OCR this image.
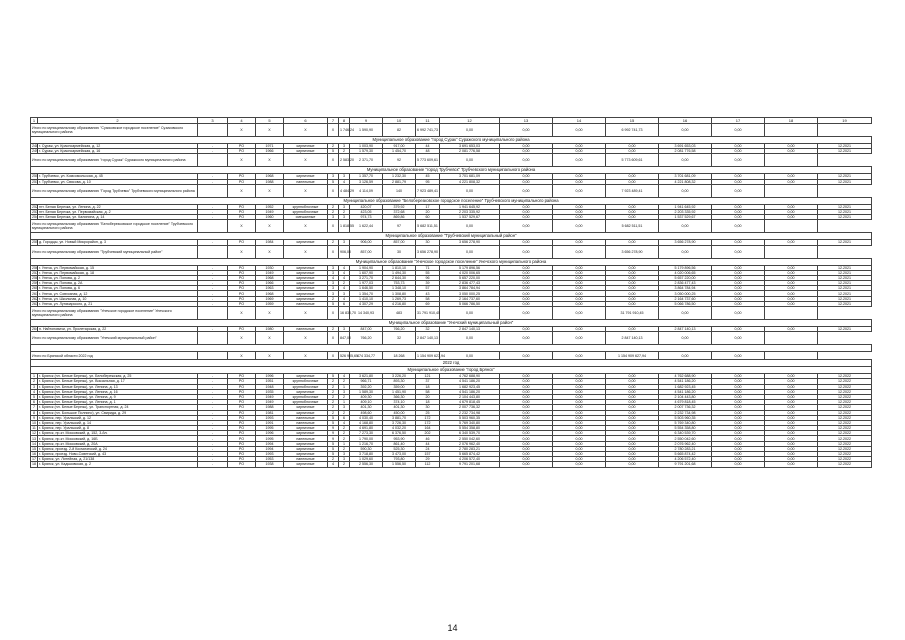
1	2	3	4	5	6	7	8	9	10	11	12	13	14	15	16	17	18	19
Итого по муниципальному образованию "Сузиковское городское поселение" Сузиковского муниципального района			X	X	X	X	1 746,24	1 590,90	82	6 992 741,73	0,00	0,00	0,00	6 992 741,73	0,00	0,00		
Муниципальное образование "город Сурак" Суражского муниципального района																		
248	г. Сураж, ул. Красноармейская, д. 12	-	PO	1971	кирпичные	2	3	1 003,90	917,00	44	3 691 653,03	0,00	0,00	0,00	3 691 653,03	0,00	0,00	12.2021
249	г. Сураж, ул. Красноармейская, д. 16	-	PO	1966	кирпичные	5	2	1 579,30	1 454,70	48	2 081 776,58	0,00	0,00	0,00	2 081 776,58	0,00	0,00	12.2021
Итого по муниципальному образованию "город Сураж" Суражского муниципального района			X	X	X	X	2 583,20	2 371,70	92	5 773 609,61	0,00	0,00	0,00	5 773 609,61	0,00	0,00		
Муниципальное образование "город Трубчевск" Трубчевского муниципального района																		
250	г. Трубчевск, ул. Комсомольская, д. 45	-	PO	1968	кирпичные	3	3	1 357,70	1 232,30	45	3 701 681,09	0,00	0,00	0,00	3 701 681,09	0,00	0,00	12.2021
251	г. Трубчевск, ул. Свясова, д. 10	-	PO	1988	панельные	5	4	3 126,59	2 881,79	95	4 221 808,32	0,00	0,00	0,00	4 221 808,32	0,00	0,00	12.2021
Итого по муниципальному образованию "Город Трубчевск" Трубчевского муниципального района			X	X	X	X	4 484,29	4 114,09	140	7 923 489,41	0,00	0,00	0,00	7 923 489,41	0,00	0,00		
Муниципальное образование "Белоберезковское городское поселение" Трубчевского муниципального района																		
252	пгт. Белая Березка, ул. Ленина, д. 22	-	PO	1952	крупноблочные	2	3	420,07	379,92	17	1 941 645,92	0,00	0,00	0,00	1 941 645,92	0,00	0,00	12.2021
253	пгт. Белая Березка, ул. Первомайская, д. 2	-	PO	1949	крупноблочные	2	2	423,05	372,68	20	2 203 335,92	0,00	0,00	0,00	2 203 335,92	0,00	0,00	12.2021
254	пгт. Белая Березка, ул. Калинина, д. 14	-	PO	1960	смешанные	3	3	974,73	869,86	60	1 537 529,67	0,00	0,00	0,00	1 537 529,67	0,00	0,00	12.2021
Итого по муниципальному образованию "Белоберезковское городское поселение" Трубчевского муниципального района			X	X	X	X	1 818,55	1 622,44	97	5 682 511,51	0,00	0,00	0,00	5 682 511,51	0,00	0,00		
Муниципальное образование "Трубчевский муниципальный район"																		
255	д. Городцы, ул. Новый Микрорайон, д. 3	-	PO	1984	кирпичные	2	3	906,00	857,00	30	3 656 278,90	0,00	0,00	0,00	3 656 278,90	0,00	0,00	12.2021
Итого по муниципальному образованию "Трубчевский муниципальный район"			X	X	X	X	906,00	857,00	30	3 656 278,90	0,00	0,00	0,00	3 656 278,90	0,00	0,00		
Муниципальное образование "Унечское городское поселение" Унечского муниципального района																		
256	г. Унеча, ул. Первомайская, д. 15	-	PO	1930	кирпичные	3	4	1 904,90	1 810,10	71	5 179 896,56	0,00	0,00	0,00	5 179 896,56	0,00	0,00	12.2021
257	г. Унеча, ул. Первомайская, д. 18	-	PO	1949	кирпичные	3	4	1 607,90	1 494,30	55	4 020 006,65	0,00	0,00	0,00	4 020 006,65	0,00	0,00	12.2021
258	г. Унеча, ул. Попова, д. 2	-	PO	1968	кирпичные	4	4	3 271,70	2 644,30	96	5 657 220,00	0,00	0,00	0,00	5 657 220,00	0,00	0,00	12.2021
259	г. Унеча, ул. Попова, д. 2А	-	PO	1966	кирпичные	3	2	1 977,03	753,73	39	2 836 477,43	0,00	0,00	0,00	2 836 477,43	0,00	0,00	12.2021
260	г. Унеча, ул. Попова, д. 6	-	PO	1963	кирпичные	3	4	1 646,50	1 348,10	57	3 864 784,94	0,00	0,00	0,00	3 864 784,94	0,00	0,00	12.2021
261	г. Унеча, ул. Совхозная, д. 12	-	PO	1968	кирпичные	3	3	1 354,70	1 308,80	43	3 050 000,25	0,00	0,00	0,00	3 050 000,25	0,00	0,00	12.2021
262	г. Унеча, ул. Школьная, д. 10	-	PO	1969	кирпичные	2	4	1 410,10	1 269,73	58	2 164 737,60	0,00	0,00	0,00	2 164 737,60	0,00	0,00	12.2021
263	г. Унеча, ул. Луначарского, д. 21	-	PO	1959	панельные	5	6	4 307,29	4 216,80	69	5 066 786,50	0,00	0,00	0,00	5 066 786,50	0,00	0,00	12.2021
Итого по муниципальному образованию "Унечское городское поселение" Унечского муниципального района			X	X	X	X	16 830,70	14 340,93	483	31 791 910,45	0,00	0,00	0,00	31 791 910,45	0,00	0,00		
Муниципальное образование "Унечский муниципальный район"																		
264	п. Найтоповичи, ул. Пролетарская, д. 22	-	PO	1980	панельные	2	3	847,00	766,20	32	2 847 140,13	0,00	0,00	0,00	2 847 140,13	0,00	0,00	12.2021
Итого по муниципальному образованию "Унечский муниципальный район"			X	X	X	X	847,00	766,20	32	2 847 140,13	0,00	0,00	0,00	2 847 140,13	0,00	0,00		

Итого по Брянской области 2022 год			X	X	X	X	526 905,65	474 334,77	18 268	1 154 909 627,94	0,00	0,00	0,00	1 154 909 627,94	0,00	0,00		
2022 год																		
Муниципальное образование "город Брянск"																		
1	г. Брянск (пл. Белые Березы), ул. Белобережская, д. 25	-	PO	1996	кирпичные	5	4	3 621,80	3 226,20	121	4 762 688,90	0,00	0,00	0,00	4 762 688,90	0,00	0,00	12.2022
2	г. Брянск (пл. Белые Березы), ул. Вокзальная, д. 17	-	PO	1951	крупноблочные	2	2	966,71	893,30	37	4 541 186,20	0,00	0,00	0,00	4 541 186,20	0,00	0,00	12.2022
3	г. Брянск (пл. Белые Березы), ул. Ленина, д. 13	-	PO	1948	крупноблочные	2	1	392,20	359,00	18	1 682 923,45	0,00	0,00	0,00	1 682 923,45	0,00	0,00	12.2022
4	г. Брянск (пл. Белые Березы), ул. Ленина, д. 16	-	PO	1935	кирпичные	2	3	1 589,30	1 451,90	58	4 541 186,20	0,00	0,00	0,00	4 541 186,20	0,00	0,00	12.2022
5	г. Брянск (пл. Белые Березы), ул. Ленина, д. 9	-	PO	1949	крупноблочные	2	2	409,30	366,30	20	2 104 443,80	0,00	0,00	0,00	2 104 443,80	0,00	0,00	12.2022
6	г. Брянск (пл. Белые Березы), ул. Ленина, д. 1	-	PO	1949	крупноблочные	2	1	409,10	374,10	18	4 679 818,45	0,00	0,00	0,00	4 679 818,45	0,00	0,00	12.2022
7	г. Брянск (пл. Белые Березы), ул. Транспортная, д. 24	-	PO	1988	кирпичные	2	3	401,30	401,30	30	2 007 736,32	0,00	0,00	0,00	2 007 736,32	0,00	0,00	12.2022
8	г. Брянск (пл. Большое Полпино), ул. Свирида, д. 29	-	PO	1981	кирпичные	2	2	498,60	450,00	25	2 232 734,98	0,00	0,00	0,00	2 232 734,98	0,00	0,00	12.2022
9	г. Брянск, пер. Уральский, д. 12	-	PO	1993	панельные	5	6	4 030,40	3 881,70	172	5 503 960,35	0,00	0,00	0,00	5 503 960,35	0,00	0,00	12.2022
10	г. Брянск, пер. Уральский, д. 14	-	PO	1991	панельные	5	4	4 168,80	3 726,30	172	5 769 340,80	0,00	0,00	0,00	5 769 340,80	0,00	0,00	12.2022
11	г. Брянск, пер. Уральский, д. 8	-	PO	1995	кирпичные	9	2	4 691,80	4 032,20	164	5 554 358,80	0,00	0,00	0,00	5 554 358,80	0,00	0,00	12.2022
12	г. Брянск, пр-кт. Московский, д. 152, 3-йл.	-	PO	1996	кирпичные	9	2	7 273,30	6 376,50	202	6 340 539,70	0,00	0,00	0,00	6 340 539,70	0,00	0,00	12.2022
13	г. Брянск, пр-кт. Московский, д. 16Б	-	PO	1995	панельные	9	2	1 790,00	953,90	46	2 550 042,60	0,00	0,00	0,00	2 550 042,60	0,00	0,00	12.2022
14	г. Брянск, пр-кт. Московский, д. 20А	-	PO	1994	кирпичные	5	1	1 216,70	861,40	44	2 076 962,40	0,00	0,00	0,00	2 076 962,40	0,00	0,00	12.2022
15	г. Брянск, проезд. 2-й Космический, д. 24	-	PO	1994	кирпичные	5	2	590,30	525,30	24	2 780 283,21	0,00	0,00	0,00	2 780 283,21	0,00	0,00	12.2022
16	г. Брянск, проезд. Ново-Советский, д. 43	-	PO	1993	кирпичные	5	3	3 718,80	3 473,00	157	5 665 874,42	0,00	0,00	0,00	5 665 874,42	0,00	0,00	12.2022
17	г. Брянск, ул. Литейная, д. 21/138	-	PO	1953	панельные	2	3	1 029,60	793,80	29	4 206 572,40	0,00	0,00	0,00	4 206 572,40	0,00	0,00	12.2022
18	г. Брянск, ул. Кадыковская, д. 2	-	PO	1938	кирпичные	4	2	2 556,30	1 556,50	112	9 791 201,68	0,00	0,00	0,00	9 791 201,68	0,00	0,00	12.2022
14
